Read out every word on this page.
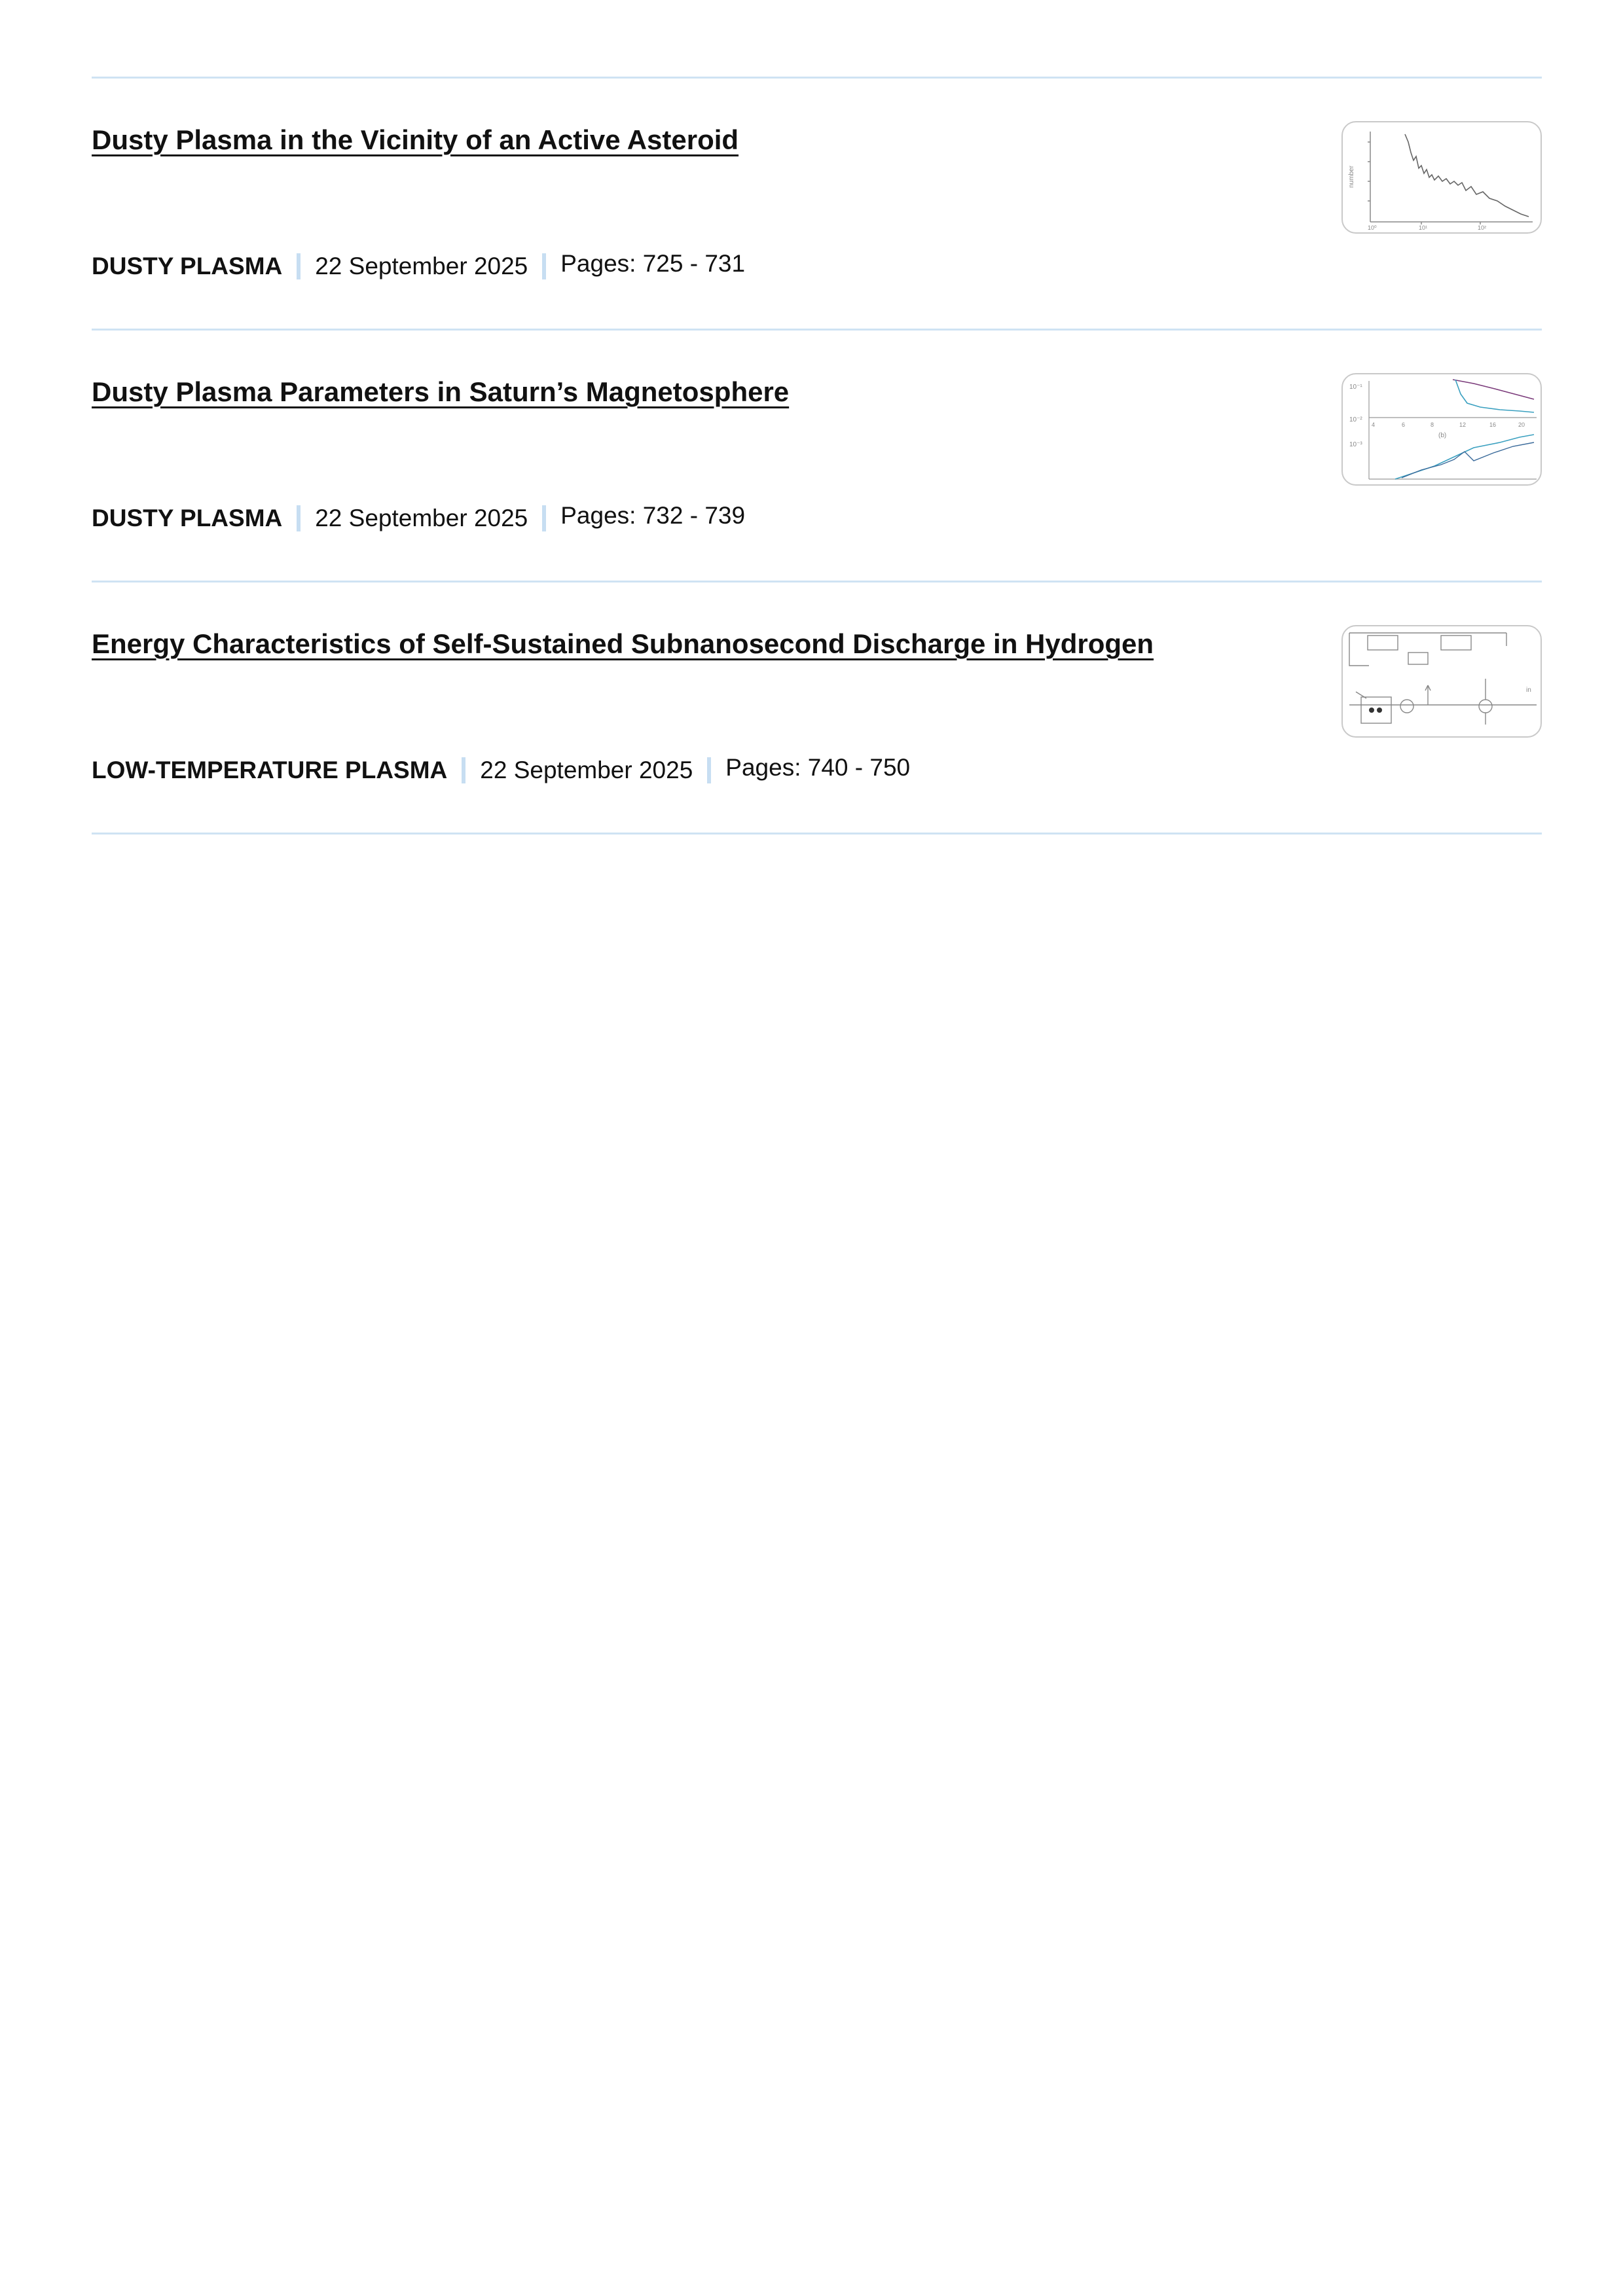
Dusty Plasma in the Vicinity of an Active Asteroid
DUSTY PLASMA 22 September 2025 Pages: 725 - 731
number
10⁰	10¹	10²
Dusty Plasma Parameters in Saturn’s Magnetosphere
DUSTY PLASMA 22 September 2025 Pages: 732 - 739
10⁻¹
10⁻²
10⁻³
4	6	8	12	16	20
(b)
Energy Characteristics of Self-Sustained Subnanosecond Discharge in Hydrogen
LOW-TEMPERATURE PLASMA 22 September 2025 Pages: 740 - 750
in
